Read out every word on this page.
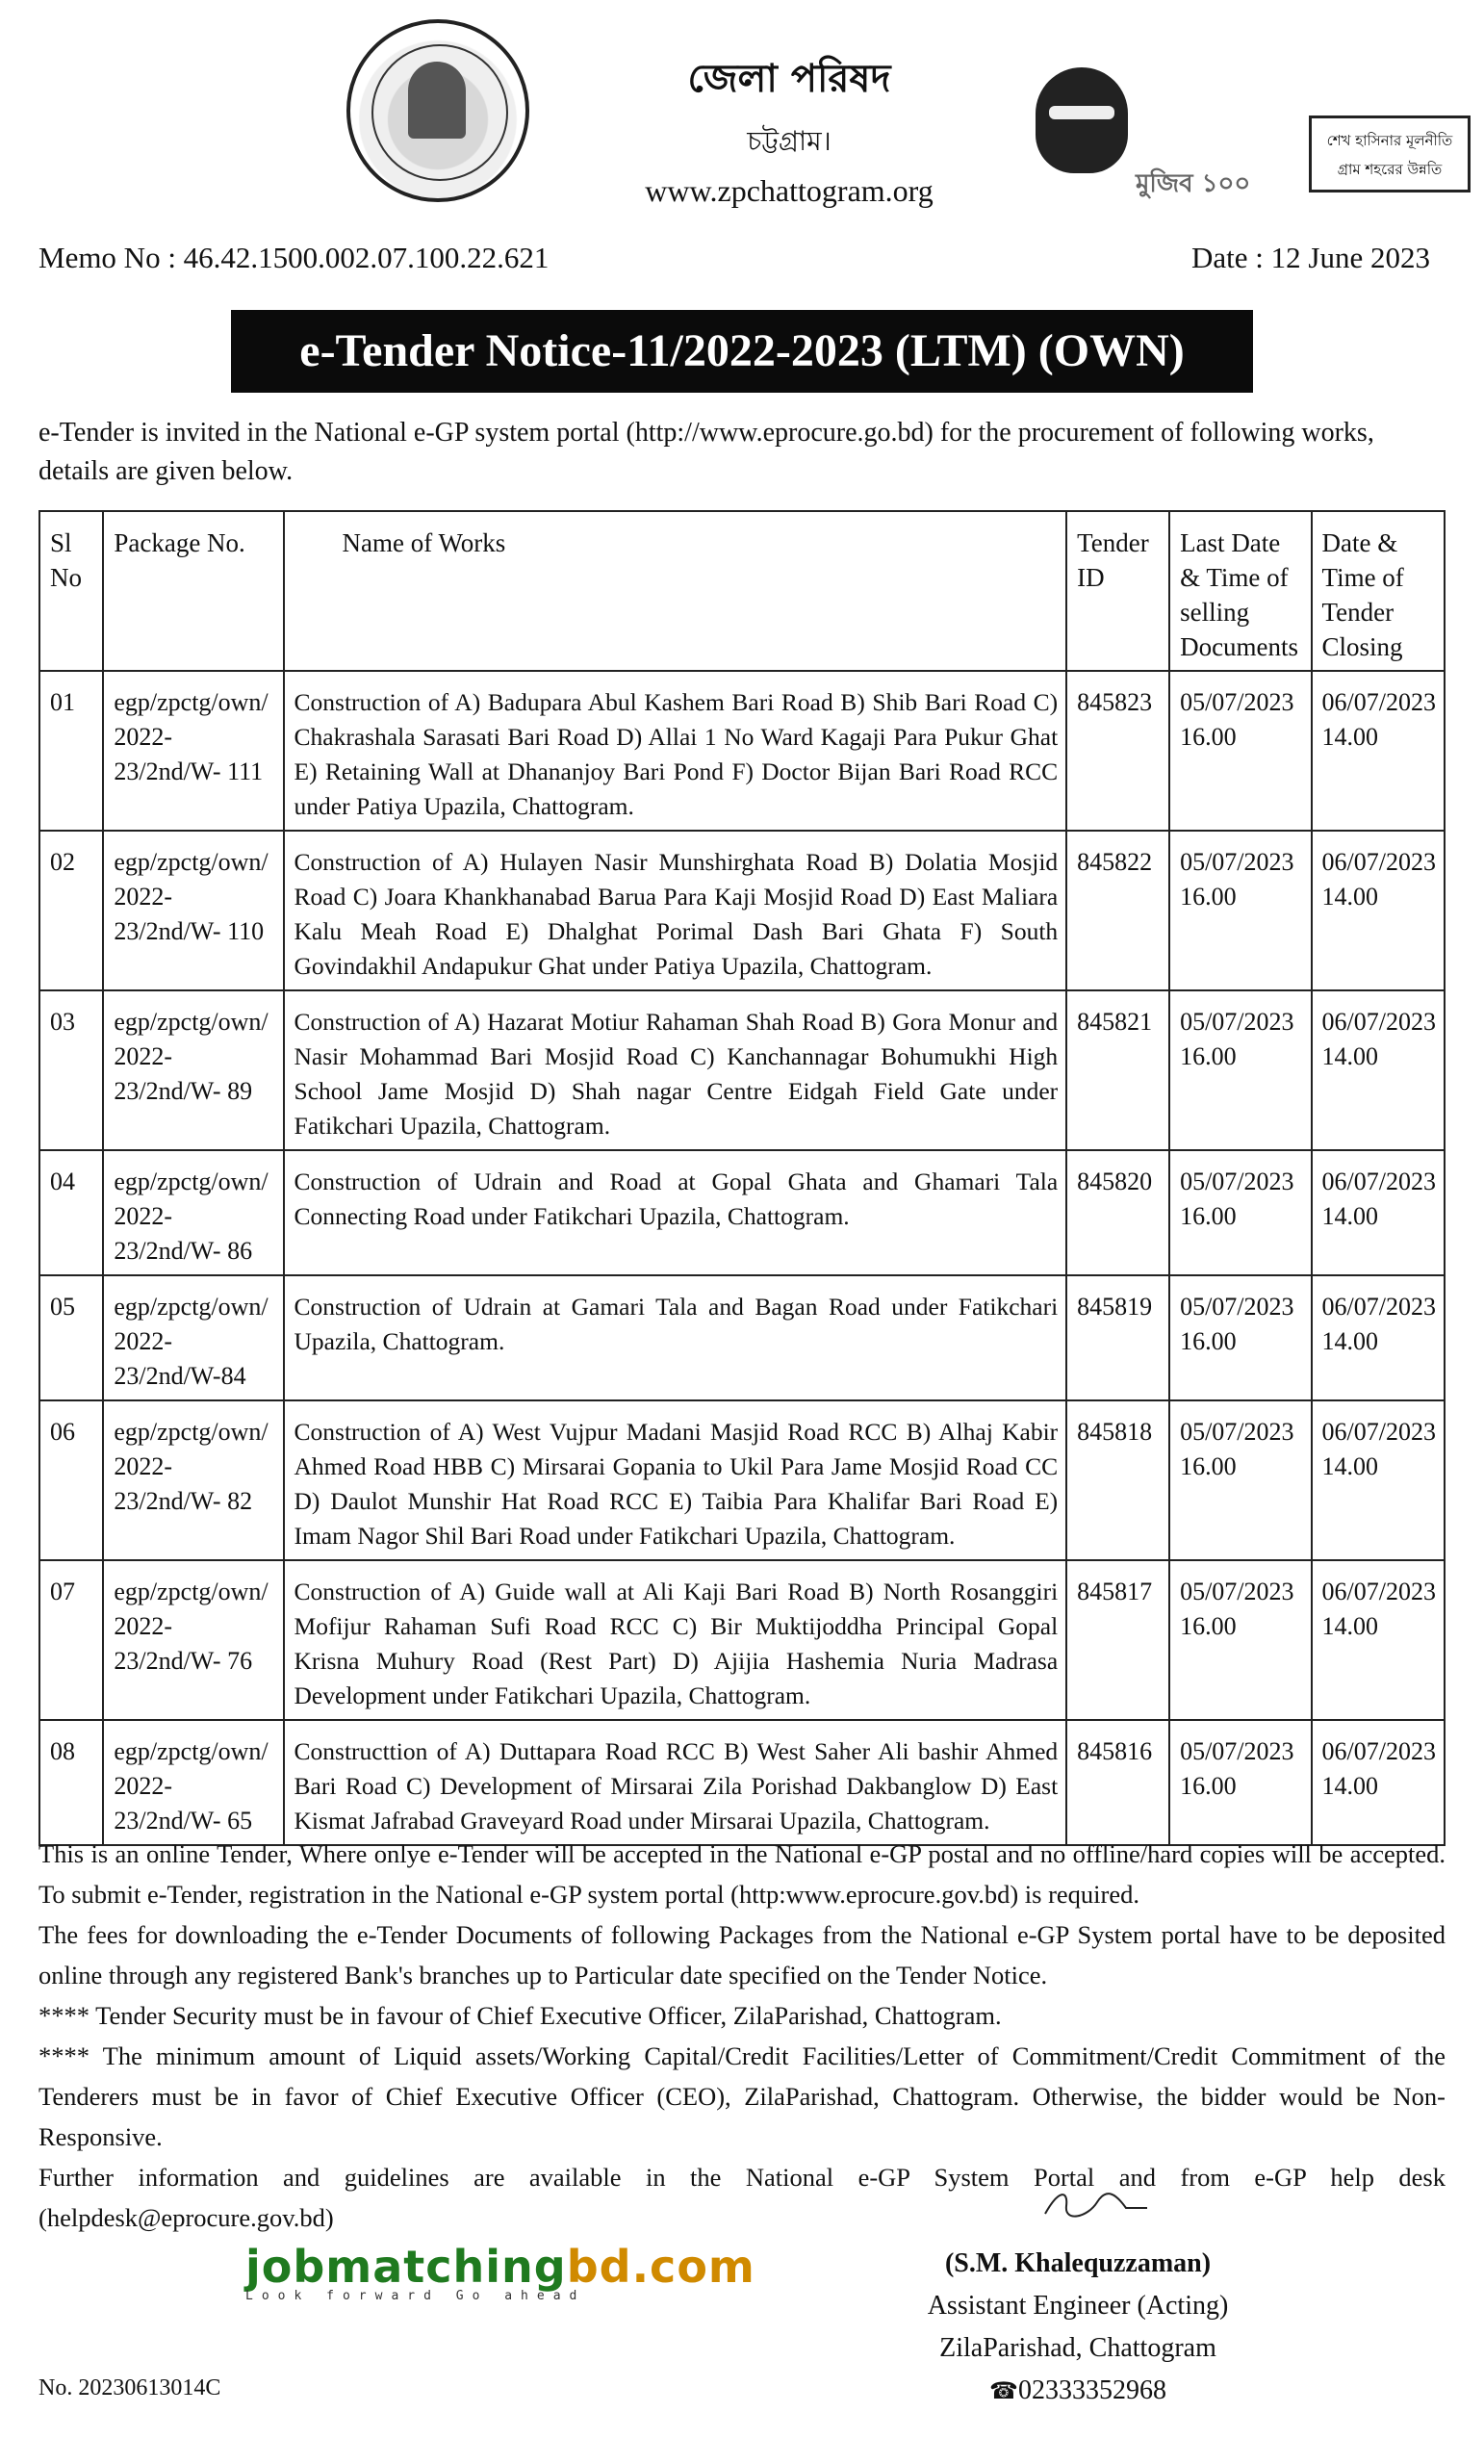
জেলা পরিষদ
চট্টগ্রাম।
www.zpchattogram.org	মুজিব ১০০
শেখ হাসিনার মূলনীতি
গ্রাম শহরের উন্নতি
Memo No : 46.42.1500.002.07.100.22.621	Date : 12 June 2023
e-Tender Notice-11/2022-2023 (LTM) (OWN)
e-Tender is invited in the National e-GP system portal (http://www.eprocure.go.bd) for the procurement of following works, details are given below.
Sl No	Package No.	Name of Works	Tender ID	Last Date & Time of selling Documents	Date & Time of Tender Closing
01	egp/zpctg/own/ 2022-23/2nd/W- 111	Construction of A) Badupara Abul Kashem Bari Road B) Shib Bari Road C) Chakrashala Sarasati Bari Road D) Allai 1 No Ward Kagaji Para Pukur Ghat E) Retaining Wall at Dhananjoy Bari Pond F) Doctor Bijan Bari Road RCC under Patiya Upazila, Chattogram.	845823	05/07/2023 16.00	06/07/2023 14.00
02	egp/zpctg/own/ 2022-23/2nd/W- 110	Construction of A) Hulayen Nasir Munshirghata Road B) Dolatia Mosjid Road C) Joara Khankhanabad Barua Para Kaji Mosjid Road D) East Maliara Kalu Meah Road E) Dhalghat Porimal Dash Bari Ghata F) South Govindakhil Andapukur Ghat under Patiya Upazila, Chattogram.	845822	05/07/2023 16.00	06/07/2023 14.00
03	egp/zpctg/own/ 2022-23/2nd/W- 89	Construction of A) Hazarat Motiur Rahaman Shah Road B) Gora Monur and Nasir Mohammad Bari Mosjid Road C) Kanchannagar Bohumukhi High School Jame Mosjid D) Shah nagar Centre Eidgah Field Gate under Fatikchari Upazila, Chattogram.	845821	05/07/2023 16.00	06/07/2023 14.00
04	egp/zpctg/own/ 2022-23/2nd/W- 86	Construction of Udrain and Road at Gopal Ghata and Ghamari Tala Connecting Road under Fatikchari Upazila, Chattogram.	845820	05/07/2023 16.00	06/07/2023 14.00
05	egp/zpctg/own/ 2022-23/2nd/W-84	Construction of Udrain at Gamari Tala and Bagan Road under Fatikchari Upazila, Chattogram.	845819	05/07/2023 16.00	06/07/2023 14.00
06	egp/zpctg/own/ 2022-23/2nd/W- 82	Construction of A) West Vujpur Madani Masjid Road RCC B) Alhaj Kabir Ahmed Road HBB C) Mirsarai Gopania to Ukil Para Jame Mosjid Road CC D) Daulot Munshir Hat Road RCC E) Taibia Para Khalifar Bari Road E) Imam Nagor Shil Bari Road under Fatikchari Upazila, Chattogram.	845818	05/07/2023 16.00	06/07/2023 14.00
07	egp/zpctg/own/ 2022-23/2nd/W- 76	Construction of A) Guide wall at Ali Kaji Bari Road B) North Rosanggiri Mofijur Rahaman Sufi Road RCC C) Bir Muktijoddha Principal Gopal Krisna Muhury Road (Rest Part) D) Ajijia Hashemia Nuria Madrasa Development under Fatikchari Upazila, Chattogram.	845817	05/07/2023 16.00	06/07/2023 14.00
08	egp/zpctg/own/ 2022-23/2nd/W- 65	Constructtion of A) Duttapara Road RCC B) West Saher Ali bashir Ahmed Bari Road C) Development of Mirsarai Zila Porishad Dakbanglow D) East Kismat Jafrabad Graveyard Road under Mirsarai Upazila, Chattogram.	845816	05/07/2023 16.00	06/07/2023 14.00

This is an online Tender, Where onlye e-Tender will be accepted in the National e-GP postal and no offline/hard copies will be accepted. To submit e-Tender, registration in the National e-GP system portal (http:www.eprocure.gov.bd) is required.

The fees for downloading the e-Tender Documents of following Packages from the National e-GP System portal have to be deposited online through any registered Bank's branches up to Particular date specified on the Tender Notice.

**** Tender Security must be in favour of Chief Executive Officer, ZilaParishad, Chattogram.

**** The minimum amount of Liquid assets/Working Capital/Credit Facilities/Letter of Commitment/Credit Commitment of the Tenderers must be in favor of Chief Executive Officer (CEO), ZilaParishad, Chattogram. Otherwise, the bidder would be Non-Responsive.

Further information and guidelines are available in the National e-GP System Portal and from e-GP help desk (helpdesk@eprocure.gov.bd)

jobmatchingbd.com
Look forward Go ahead
(S.M. Khalequzzaman)
Assistant Engineer (Acting)
ZilaParishad, Chattogram
☎02333352968
No. 20230613014C
